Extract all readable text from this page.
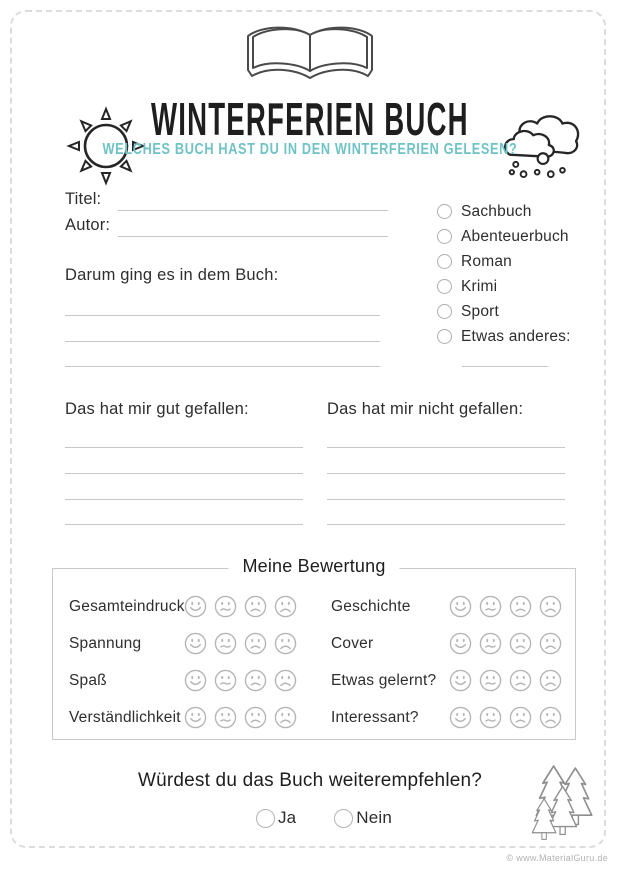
WINTERFERIEN BUCH
WELCHES BUCH HAST DU IN DEN WINTERFERIEN GELESEN?
Titel:
Autor:
Sachbuch
Abenteuerbuch
Roman
Krimi
Sport
Etwas anderes:
Darum ging es in dem Buch:
Das hat mir gut gefallen:	Das hat mir nicht gefallen:
Meine Bewertung
Gesamteindruck
Spannung
Spaß
Verständlichkeit
Geschichte
Cover
Etwas gelernt?
Interessant?
Würdest du das Buch weiterempfehlen?
Ja	Nein
© www.MaterialGuru.de
